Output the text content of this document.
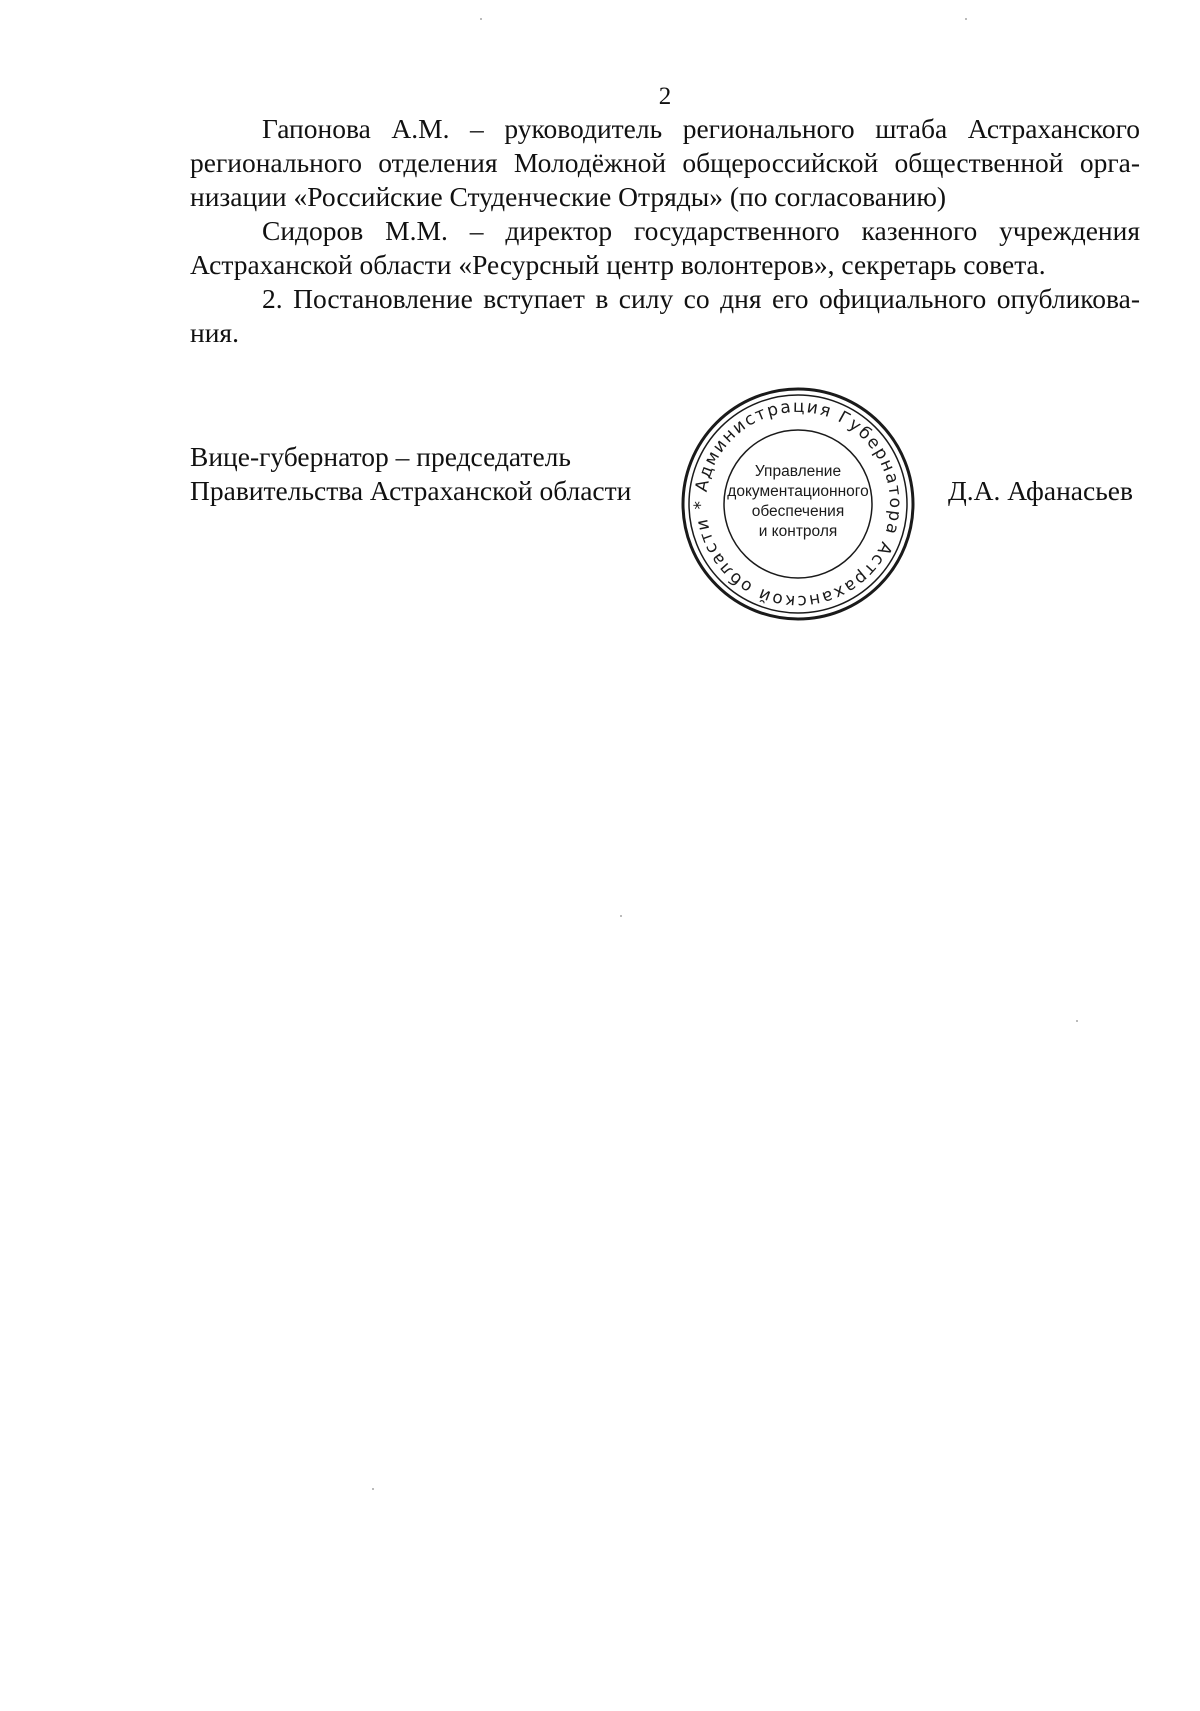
2

Гапонова А.М. – руководитель регионального штаба Астраханского
регионального отделения Молодёжной общероссийской общественной орга-
низации «Российские Студенческие Отряды» (по согласованию)

Сидоров М.М. – директор государственного казенного учреждения
Астраханской области «Ресурсный центр волонтеров», секретарь совета.

2. Постановление вступает в силу со дня его официального опубликова-
ния.

Вице-губернатор – председатель
Правительства Астраханской области	Администрация Губернатора Астраханской области *
Управление
документационного
обеспечения
и контроля
Д.А. Афанасьев
